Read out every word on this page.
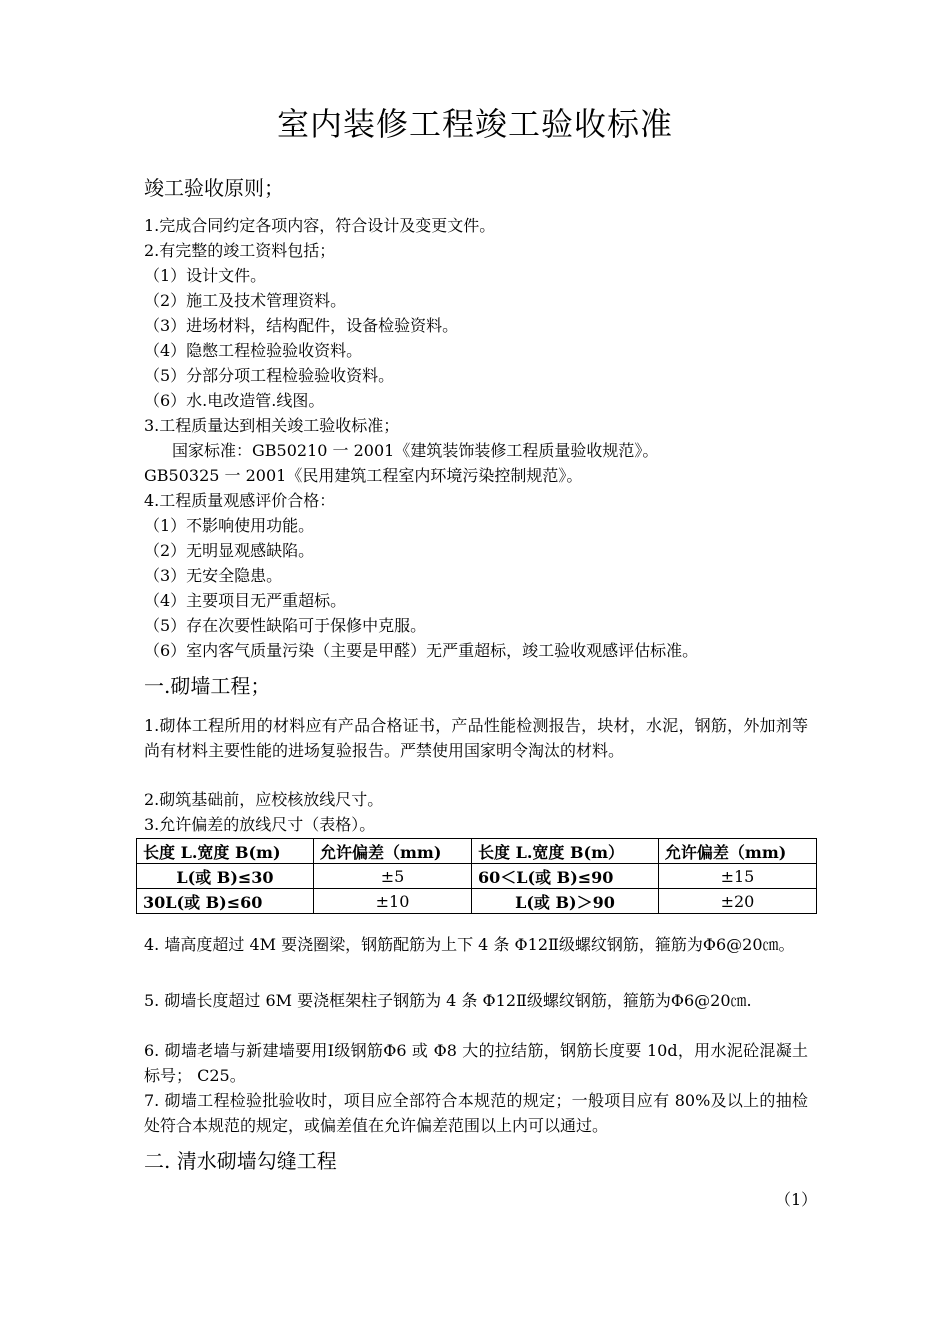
室内装修工程竣工验收标准
竣工验收原则；
1.完成合同约定各项内容，符合设计及变更文件。
2.有完整的竣工资料包括；
（1）设计文件。
（2）施工及技术管理资料。
（3）进场材料，结构配件，设备检验资料。
（4）隐憋工程检验验收资料。
（5）分部分项工程检验验收资料。
（6）水.电改造管.线图。
3.工程质量达到相关竣工验收标准；
国家标准：GB50210 一 2001《建筑装饰装修工程质量验收规范》。
GB50325 一 2001《民用建筑工程室内环境污染控制规范》。
4.工程质量观感评价合格：
（1）不影响使用功能。
（2）无明显观感缺陷。
（3）无安全隐患。
（4）主要项目无严重超标。
（5）存在次要性缺陷可于保修中克服。
（6）室内客气质量污染（主要是甲醛）无严重超标，竣工验收观感评估标准。
一.砌墙工程；
1.砌体工程所用的材料应有产品合格证书，产品性能检测报告，块材，水泥，钢筋，外加剂等尚有材料主要性能的进场复验报告。严禁使用国家明令淘汰的材料。
2.砌筑基础前，应校核放线尺寸。
3.允许偏差的放线尺寸（表格）。
长度 L.宽度 B(m)	允许偏差（mm)	长度 L.宽度 B(m）	允许偏差（mm)
L(或 B)≤30	±5	60＜L(或 B)≤90	±15
30L(或 B)≤60	±10	L(或 B)＞90	±20
4. 墙高度超过 4M 要浇圈梁，钢筋配筋为上下 4 条 Φ12Ⅱ级螺纹钢筋，箍筋为Φ6@20㎝。
5. 砌墙长度超过 6M 要浇框架柱子钢筋为 4 条 Φ12Ⅱ级螺纹钢筋，箍筋为Φ6@20㎝.
6. 砌墙老墙与新建墙要用Ⅰ级钢筋Φ6 或 Φ8 大的拉结筋，钢筋长度要 10d，用水泥砼混凝土标号； C25。
7. 砌墙工程检验批验收时，项目应全部符合本规范的规定；一般项目应有 80%及以上的抽检处符合本规范的规定，或偏差值在允许偏差范围以上内可以通过。
二. 清水砌墙勾缝工程
（1）
